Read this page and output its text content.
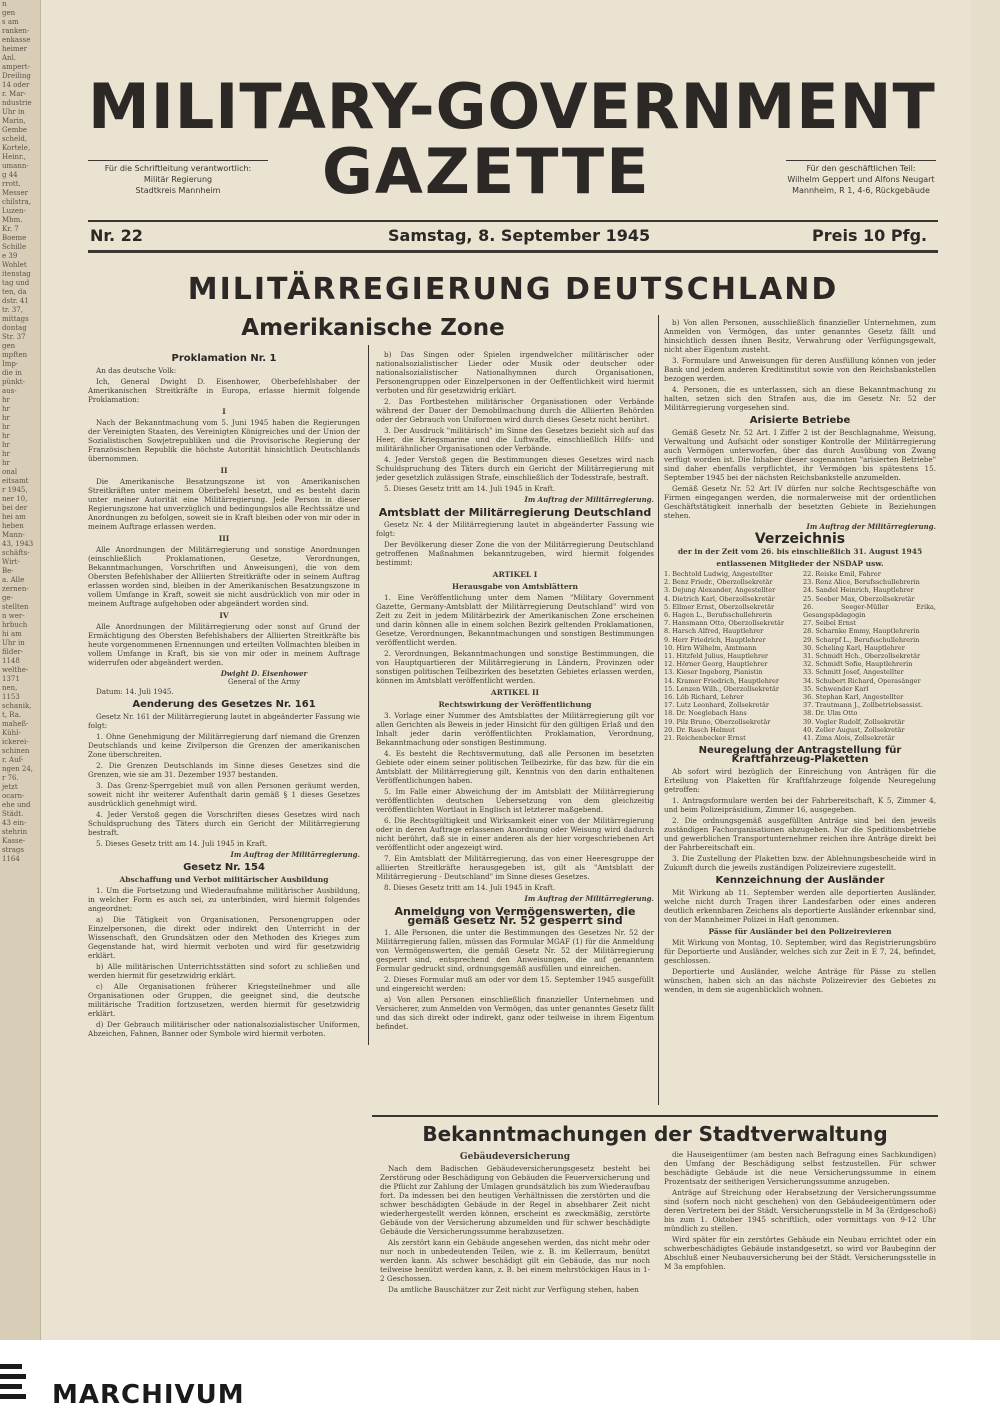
n
gen
s am
ranken-
enkasse
heimer
Anl.
ampert-
Dreiling
14 oder
r. Mar-
ndustrie
Uhr in
Marin,
Gembe
scheld,
Kortele,
Heinr.,
umann-
g 44
rrott.
Messer
chilstra,
Luzen-
Mhm.
Kr. 7
Boeme
Schille
e 39
Wohlet
itenstag
tag und
ten, da
dstr. 41
tr. 37,
mittags
dontag
Str. 37
gen
mpften
Imp-
die in
pünkt-
aus-
hr
hr
hr
hr
hr
hr
hr
hr
onal
eitsamt
r 1945,
ner 10,
bei der
hei am
heben
Mann-
43, 1943
schäfts-
Wirt-
Be-
a. Alle
zernen-
ge-
stellten
n wer-
hrbuch
hi am
Uhr in
filder-
1148
welthe-
1371
nen,
1153
schanik,
t, Ra.
maheß-
Kühl-
ickerei-
schinen
r. Auf-
ngen 24,
r 76.
jetzt
ocarn-
ehe und
Städt.
43 ein-
stehrin
Kasse-
strags
1164
MILITARY-GOVERNMENT
GAZETTE
Für die Schriftleitung verantwortlich:
Militär Regierung
Stadtkreis Mannheim
Für den geschäftlichen Teil:
Wilhelm Geppert und Alfons Neugart
Mannheim, R 1, 4-6, Rückgebäude
Nr. 22	Samstag, 8. September 1945	Preis 10 Pfg.
MILITÄRREGIERUNG DEUTSCHLAND
Amerikanische Zone
Proklamation Nr. 1

An das deutsche Volk:

Ich, General Dwight D. Eisenhower, Oberbefehlshaber der Amerikanischen Streitkräfte in Europa, erlasse hiermit folgende Proklamation:

I

Nach der Bekanntmachung vom 5. Juni 1945 haben die Regierungen der Vereinigten Staaten, des Vereinigten Königreiches und der Union der Sozialistischen Sowjetrepubliken und die Provisorische Regierung der Französischen Republik die höchste Autorität hinsichtlich Deutschlands übernommen.

II

Die Amerikanische Besatzungszone ist von Amerikanischen Streitkräften unter meinem Oberbefehl besetzt, und es besteht darin unter meiner Autorität eine Militärregierung. Jede Person in dieser Regierungszone hat unverzüglich und bedingungslos alle Rechtssätze und Anordnungen zu befolgen, soweit sie in Kraft bleiben oder von mir oder in meinem Auftrage erlassen werden.

III

Alle Anordnungen der Militärregierung und sonstige Anordnungen (einschließlich Proklamationen, Gesetze, Verordnungen, Bekanntmachungen, Vorschriften und Anweisungen), die von dem Obersten Befehlshaber der Alliierten Streitkräfte oder in seinem Auftrag erlassen worden sind, bleiben in der Amerikanischen Besatzungszone in vollem Umfange in Kraft, soweit sie nicht ausdrücklich von mir oder in meinem Auftrage aufgehoben oder abgeändert worden sind.

IV

Alle Anordnungen der Militärregierung oder sonst auf Grund der Ermächtigung des Obersten Befehlshabers der Alliierten Streitkräfte bis heute vorgenommenen Ernennungen und erteilten Vollmachten bleiben in vollem Umfange in Kraft, bis sie von mir oder in meinem Auftrage widerrufen oder abgeändert werden.

Dwight D. Eisenhower
General of the Army

Datum: 14. Juli 1945.

Aenderung des Gesetzes Nr. 161

Gesetz Nr. 161 der Militärregierung lautet in abgeänderter Fassung wie folgt:

1. Ohne Genehmigung der Militärregierung darf niemand die Grenzen Deutschlands und keine Zivilperson die Grenzen der amerikanischen Zone überschreiten.

2. Die Grenzen Deutschlands im Sinne dieses Gesetzes sind die Grenzen, wie sie am 31. Dezember 1937 bestanden.

3. Das Grenz-Sperrgebiet muß von allen Personen geräumt werden, soweit nicht ihr weiterer Aufenthalt darin gemäß § 1 dieses Gesetzes ausdrücklich genehmigt wird.

4. Jeder Verstoß gegen die Vorschriften dieses Gesetzes wird nach Schuldspruchung des Täters durch ein Gericht der Militärregierung bestraft.

5. Dieses Gesetz tritt am 14. Juli 1945 in Kraft.

Im Auftrag der Militärregierung.
Gesetz Nr. 154
Abschaffung und Verbot militärischer Ausbildung

1. Um die Fortsetzung und Wiederaufnahme militärischer Ausbildung, in welcher Form es auch sei, zu unterbinden, wird hiermit folgendes angeordnet:

a) Die Tätigkeit von Organisationen, Personengruppen oder Einzelpersonen, die direkt oder indirekt den Unterricht in der Wissenschaft, den Grundsätzen oder den Methoden des Krieges zum Gegenstande hat, wird hiermit verboten und wird für gesetzwidrig erklärt.

b) Alle militärischen Unterrichtsstätten sind sofort zu schließen und werden hiermit für gesetzwidrig erklärt.

c) Alle Organisationen früherer Kriegsteilnehmer und alle Organisationen oder Gruppen, die geeignet sind, die deutsche militärische Tradition fortzusetzen, werden hiermit für gesetzwidrig erklärt.

d) Der Gebrauch militärischer oder nationalsozialistischer Uniformen, Abzeichen, Fahnen, Banner oder Symbole wird hiermit verboten.

b) Das Singen oder Spielen irgendwelcher militärischer oder nationalsozialistischer Lieder oder Musik oder deutscher oder nationalsozialistischer Nationalhymnen durch Organisationen, Personengruppen oder Einzelpersonen in der Oeffentlichkeit wird hiermit verboten und für gesetzwidrig erklärt.

2. Das Fortbestehen militärischer Organisationen oder Verbände während der Dauer der Demobilmachung durch die Alliierten Behörden oder der Gebrauch von Uniformen wird durch dieses Gesetz nicht berührt.

3. Der Ausdruck "militärisch" im Sinne des Gesetzes bezieht sich auf das Heer, die Kriegsmarine und die Luftwaffe, einschließlich Hilfs- und militärähnlicher Organisationen oder Verbände.

4. Jeder Verstoß gegen die Bestimmungen dieses Gesetzes wird nach Schuldspruchung des Täters durch ein Gericht der Militärregierung mit jeder gesetzlich zulässigen Strafe, einschließlich der Todesstrafe, bestraft.

5. Dieses Gesetz tritt am 14. Juli 1945 in Kraft.

Im Auftrag der Militärregierung.
Amtsblatt der Militärregierung Deutschland

Gesetz Nr. 4 der Militärregierung lautet in abgeänderter Fassung wie folgt:

Der Bevölkerung dieser Zone die von der Militärregierung Deutschland getroffenen Maßnahmen bekanntzugeben, wird hiermit folgendes bestimmt:

ARTIKEL I
Herausgabe von Amtsblättern

1. Eine Veröffentlichung unter dem Namen "Military Government Gazette, Germany-Amtsblatt der Militärregierung Deutschland" wird von Zeit zu Zeit in jedem Militärbezirk der Amerikanischen Zone erscheinen und darin können alle in einem solchen Bezirk geltenden Proklamationen, Gesetze, Verordnungen, Bekanntmachungen und sonstigen Bestimmungen veröffentlicht werden.

2. Verordnungen, Bekanntmachungen und sonstige Bestimmungen, die von Hauptquartieren der Militärregierung in Ländern, Provinzen oder sonstigen politischen Teilbezirken des besetzten Gebietes erlassen werden, können im Amtsblatt veröffentlicht werden.

ARTIKEL II
Rechtswirkung der Veröffentlichung

3. Vorlage einer Nummer des Amtsblattes der Militärregierung gilt vor allen Gerichten als Beweis in jeder Hinsicht für den gültigen Erlaß und den Inhalt jeder darin veröffentlichten Proklamation, Verordnung, Bekanntmachung oder sonstigen Bestimmung.

4. Es besteht die Rechtsvermutung, daß alle Personen im besetzten Gebiete oder einem seiner politischen Teilbezirke, für das bzw. für die ein Amtsblatt der Militärregierung gilt, Kenntnis von den darin enthaltenen Veröffentlichungen haben.

5. Im Falle einer Abweichung der im Amtsblatt der Militärregierung veröffentlichten deutschen Uebersetzung von dem gleichzeitig veröffentlichten Wortlaut in Englisch ist letzterer maßgebend.

6. Die Rechtsgültigkeit und Wirksamkeit einer von der Militärregierung oder in deren Auftrage erlassenen Anordnung oder Weisung wird dadurch nicht berührt, daß sie in einer anderen als der hier vorgeschriebenen Art veröffentlicht oder angezeigt wird.

7. Ein Amtsblatt der Militärregierung, das von einer Heeresgruppe der alliierten Streitkräfte herausgegeben ist, gilt als "Amtsblatt der Militärregierung - Deutschland" im Sinne dieses Gesetzes.

8. Dieses Gesetz tritt am 14. Juli 1945 in Kraft.

Im Auftrag der Militärregierung.
Anmeldung von Vermögenswerten, die gemäß Gesetz Nr. 52 gesperrt sind

1. Alle Personen, die unter die Bestimmungen des Gesetzes Nr. 52 der Militärregierung fallen, müssen das Formular MGAF (1) für die Anmeldung von Vermögenswerten, die gemäß Gesetz Nr. 52 der Militärregierung gesperrt sind, entsprechend den Anweisungen, die auf genanntem Formular gedruckt sind, ordnungsgemäß ausfüllen und einreichen.

2. Dieses Formular muß am oder vor dem 15. September 1945 ausgefüllt und eingereicht werden:

a) Von allen Personen einschließlich finanzieller Unternehmen und Versicherer, zum Anmelden von Vermögen, das unter genanntes Gesetz fällt und das sich direkt oder indirekt, ganz oder teilweise in ihrem Eigentum befindet.

b) Von allen Personen, ausschließlich finanzieller Unternehmen, zum Anmelden von Vermögen, das unter genanntes Gesetz fällt und hinsichtlich dessen ihnen Besitz, Verwahrung oder Verfügungsgewalt, nicht aber Eigentum zusteht.

3. Formulare und Anweisungen für deren Ausfüllung können von jeder Bank und jedem anderen Kreditinstitut sowie von den Reichsbankstellen bezogen werden.

4. Personen, die es unterlassen, sich an diese Bekanntmachung zu halten, setzen sich den Strafen aus, die im Gesetz Nr. 52 der Militärregierung vorgesehen sind.

Arisierte Betriebe

Gemäß Gesetz Nr. 52 Art. I Ziffer 2 ist der Beschlagnahme, Weisung, Verwaltung und Aufsicht oder sonstiger Kontrolle der Militärregierung auch Vermögen unterworfen, über das durch Ausübung von Zwang verfügt worden ist. Die Inhaber dieser sogenannten "arisierten Betriebe" sind daher ebenfalls verpflichtet, ihr Vermögen bis spätestens 15. September 1945 bei der nächsten Reichsbankstelle anzumelden.

Gemäß Gesetz Nr. 52 Art IV dürfen nur solche Rechtsgeschäfte von Firmen eingegangen werden, die normalerweise mit der ordentlichen Geschäftstätigkeit innerhalb der besetzten Gebiete in Beziehungen stehen.

Im Auftrag der Militärregierung.
Verzeichnis
der in der Zeit vom 26. bis einschließlich 31. August 1945
entlassenen Mitglieder der NSDAP usw.
1. Bechtold Ludwig, Angestellter
2. Benz Friedr., Oberzollsekretär
3. Dejung Alexander, Angestellter
4. Dietrich Karl, Oberzollsekretär
5. Ellmer Ernst, Oberzollsekretär
6. Hagen L., Berufsschullehrerin
7. Hansmann Otto, Oberzollsekretär
8. Harsch Alfred, Hauptlehrer
9. Herr Friedrich, Hauptlehrer
10. Hirn Wilhelm, Amtmann
11. Hitzfeld Julius, Hauptlehrer
12. Hörner Georg, Hauptlehrer
13. Kieser Ingeborg, Pianistin
14. Kramer Friedrich, Hauptlehrer
15. Lenzen Wilh., Oberzollsekretär
16. Löb Richard, Lehrer
17. Lutz Leonhard, Zollsekretär
18. Dr. Noeglebach Hans
19. Pilz Bruno, Oberzollsekretär
20. Dr. Rasch Helmut
21. Reichenbecker Ernst
22. Reiske Emil, Fahrer
23. Renz Alice, Berufsschullehrerin
24. Sandel Heinrich, Hauptlehrer
25. Seeber Max, Oberzollsekretär
26. Seeger-Müller Erika, Gesangspädagogin
27. Seibel Ernst
28. Scharnke Emmy, Hauptlehrerin
29. Scharpf L., Berufsschullehrerin
30. Scheling Karl, Hauptlehrer
31. Schmidt Hch., Oberzollsekretär
32. Schmidt Sofie, Hauptlehrerin
33. Schmitt Josef, Angestellter
34. Schubert Richard, Operasänger
35. Schwender Karl
36. Stephan Karl, Angestellter
37. Trautmann J., Zollbetriebsassist.
38. Dr. Ulm Otto
39. Vogler Rudolf, Zollsekretär
40. Zeller August, Zollsekretär
41. Zima Alois, Zollsekretär
Neuregelung der Antragstellung für Kraftfahrzeug-Plaketten

Ab sofort wird bezüglich der Einreichung von Anträgen für die Erteilung von Plaketten für Kraftfahrzeuge folgende Neuregelung getroffen:

1. Antragsformulare werden bei der Fahrbereitschaft, K 5, Zimmer 4, und beim Polizeipräsidium, Zimmer 16, ausgegeben.

2. Die ordnungsgemäß ausgefüllten Anträge sind bei den jeweils zuständigen Fachorganisationen abzugeben. Nur die Speditionsbetriebe und gewerblichen Transportunternehmer reichen ihre Anträge direkt bei der Fahrbereitschaft ein.

3. Die Zustellung der Plaketten bzw. der Ablehnungsbescheide wird in Zukunft durch die jeweils zuständigen Polizeireviere zugestellt.

Kennzeichnung der Ausländer

Mit Wirkung ab 11. September werden alle deportierten Ausländer, welche nicht durch Tragen ihrer Landesfarben oder eines anderen deutlich erkennbaren Zeichens als deportierte Ausländer erkennbar sind, von der Mannheimer Polizei in Haft genommen.

Pässe für Ausländer bei den Polizeirevieren

Mit Wirkung von Montag, 10. September, wird das Registrierungsbüro für Deportierte und Ausländer, welches sich zur Zeit in E 7, 24, befindet, geschlossen.

Deportierte und Ausländer, welche Anträge für Pässe zu stellen wünschen, haben sich an das nächste Polizeirevier des Gebietes zu wenden, in dem sie augenblicklich wohnen.

Bekanntmachungen der Stadtverwaltung
Gebäudeversicherung

Nach dem Badischen Gebäudeversicherungsgesetz besteht bei Zerstörung oder Beschädigung von Gebäuden die Feuerversicherung und die Pflicht zur Zahlung der Umlagen grundsätzlich bis zum Wiederaufbau fort. Da indessen bei den heutigen Verhältnissen die zerstörten und die schwer beschädigten Gebäude in der Regel in absehbarer Zeit nicht wiederhergestellt werden können, erscheint es zweckmäßig, zerstörte Gebäude von der Versicherung abzumelden und für schwer beschädigte Gebäude die Versicherungssumme herabzusetzen.

Als zerstört kann ein Gebäude angesehen werden, das nicht mehr oder nur noch in unbedeutenden Teilen, wie z. B. im Kellerraum, benützt werden kann. Als schwer beschädigt gilt ein Gebäude, das nur noch teilweise benützt werden kann, z. B. bei einem mehrstöckigen Haus in 1-2 Geschossen.

Da amtliche Bauschätzer zur Zeit nicht zur Verfügung stehen, haben

die Hauseigentümer (am besten nach Befragung eines Sachkundigen) den Umfang der Beschädigung selbst festzustellen. Für schwer beschädigte Gebäude ist die neue Versicherungssumme in einem Prozentsatz der seitherigen Versicherungssumme anzugeben.

Anträge auf Streichung oder Herabsetzung der Versicherungssumme sind (sofern noch nicht geschehen) von den Gebäudeeigentümern oder deren Vertretern bei der Städt. Versicherungsstelle in M 3a (Erdgeschoß) bis zum 1. Oktober 1945 schriftlich, oder vormittags von 9-12 Uhr mündlich zu stellen.

Wird später für ein zerstörtes Gebäude ein Neubau errichtet oder ein schwerbeschädigtes Gebäude instandgesetzt, so wird vor Baubeginn der Abschluß einer Neubauversicherung bei der Städt. Versicherungsstelle in M 3a empfohlen.

MARCHIVUM
